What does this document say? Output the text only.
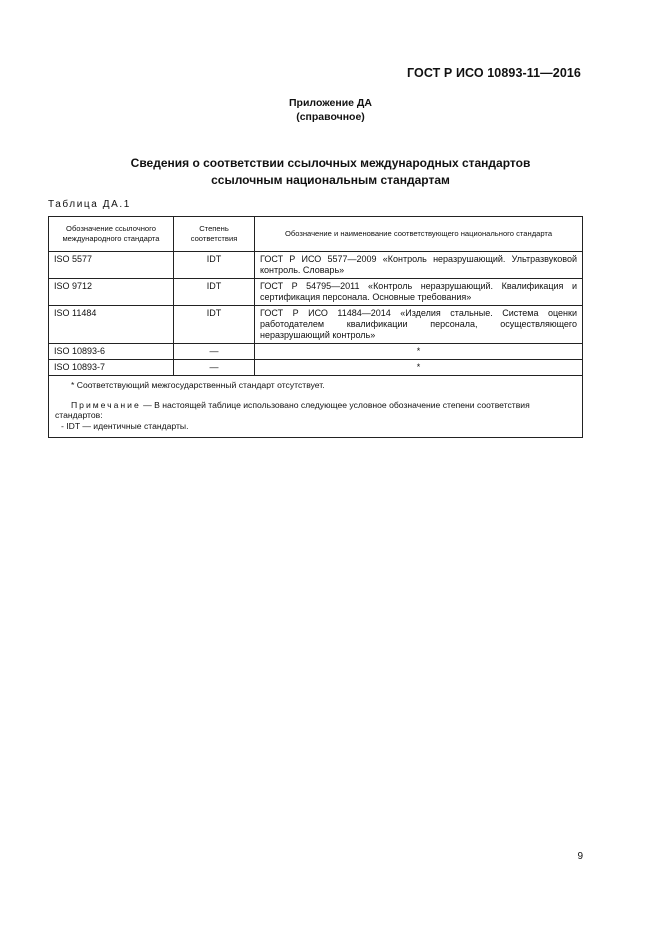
ГОСТ Р ИСО 10893-11—2016
Приложение ДА
(справочное)
Сведения о соответствии ссылочных международных стандартов
ссылочным национальным стандартам
Таблица ДА.1
Обозначение ссылочного международного стандарта	Степень соответствия	Обозначение и наименование соответствующего национального стандарта
ISO 5577	IDT	ГОСТ Р ИСО 5577—2009 «Контроль неразрушающий. Ультразвуковой контроль. Словарь»
ISO 9712	IDT	ГОСТ Р 54795—2011 «Контроль неразрушающий. Квалификация и сертификация персонала. Основные требования»
ISO 11484	IDT	ГОСТ Р ИСО 11484—2014 «Изделия стальные. Система оценки работодателем квалификации персонала, осуществляющего неразрушающий контроль»
ISO 10893-6	—	*
ISO 10893-7	—	*

* Соответствующий межгосударственный стандарт отсутствует.

Примечание — В настоящей таблице использовано следующее условное обозначение степени соответствия стандартов:

- IDT — идентичные стандарты.		

9
